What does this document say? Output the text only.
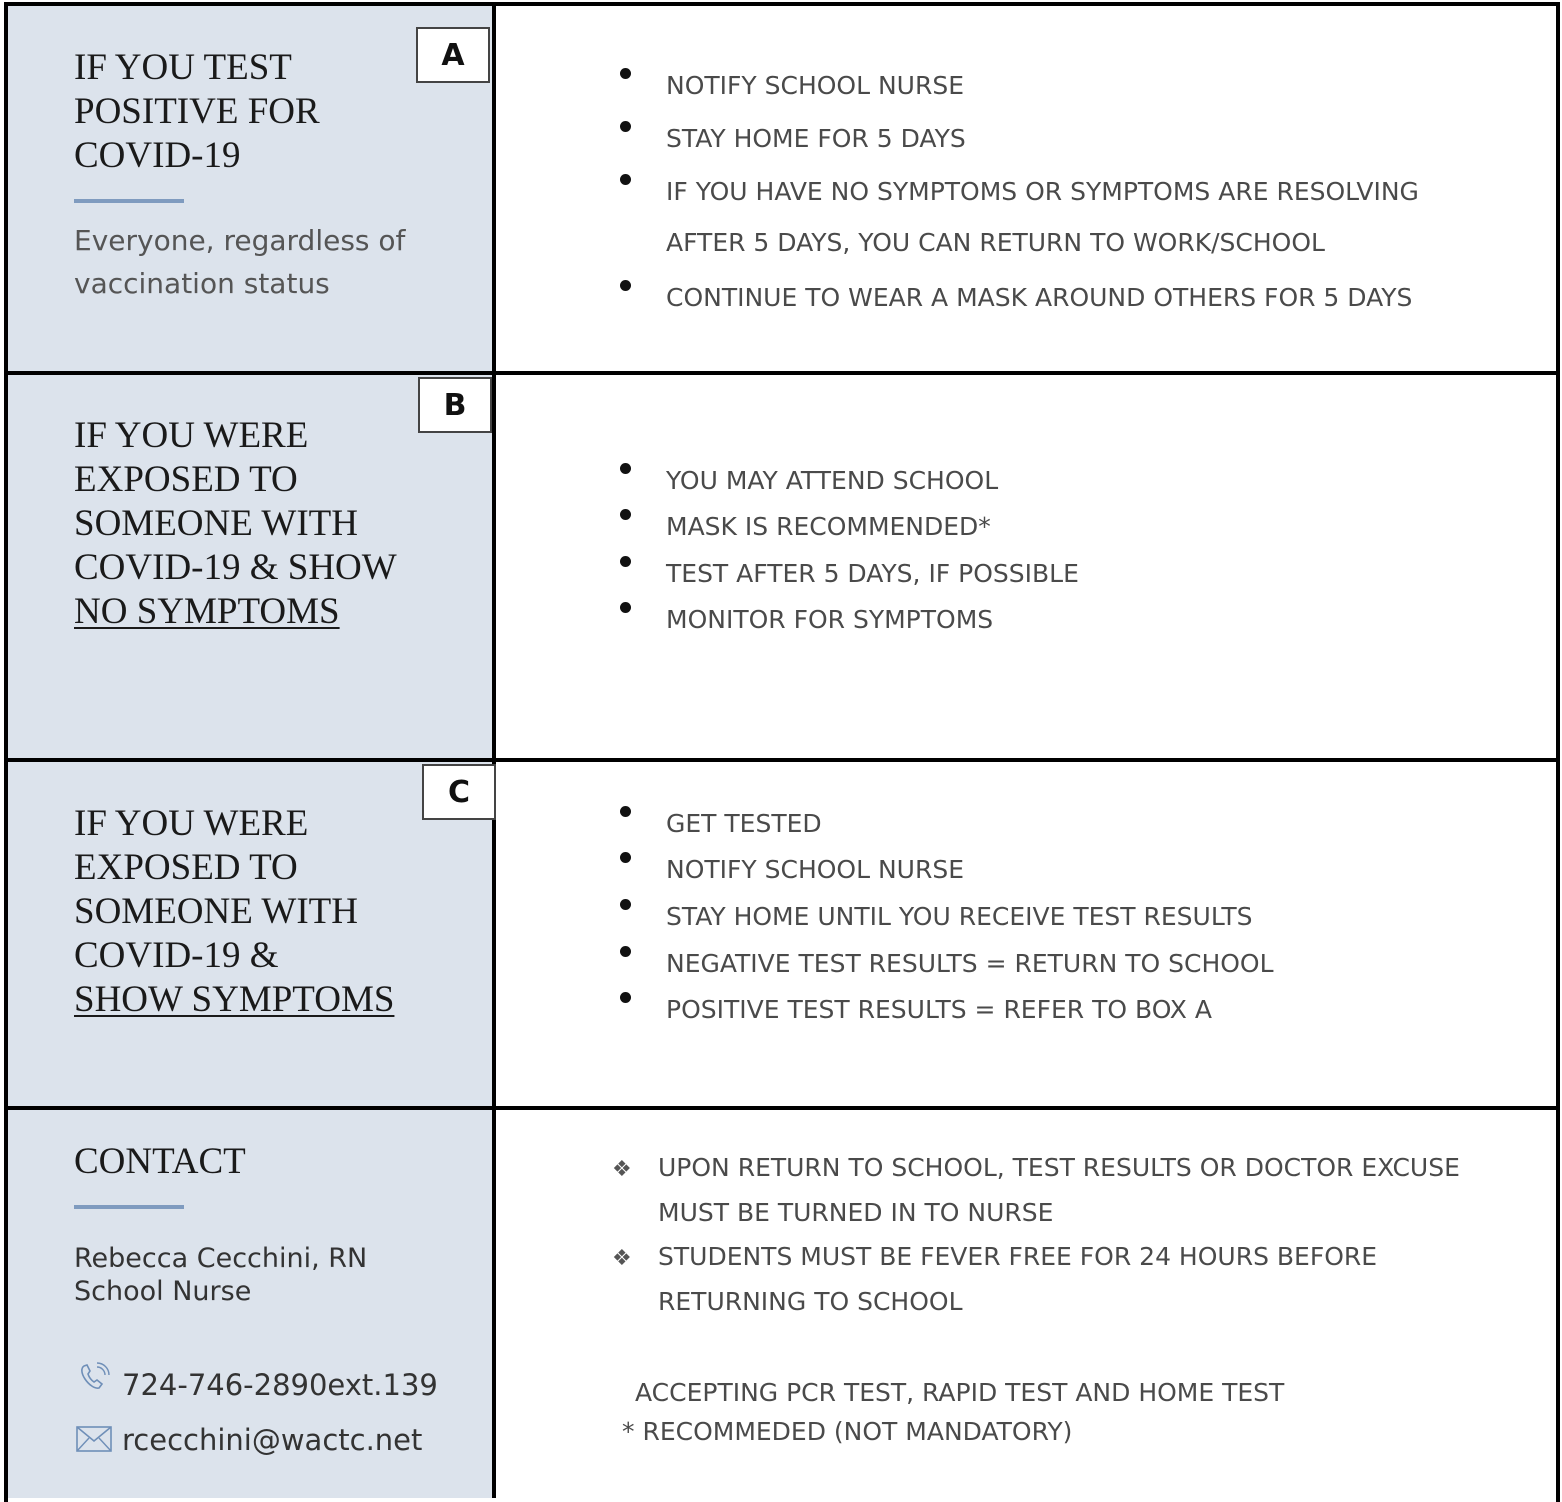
A
IF YOU TEST POSITIVE FOR COVID-19
Everyone, regardless of
vaccination status
NOTIFY SCHOOL NURSE
STAY HOME FOR 5 DAYS
IF YOU HAVE NO SYMPTOMS OR SYMPTOMS ARE RESOLVING
CONTINUE TO WEAR A MASK AROUND OTHERS FOR 5 DAYS
AFTER 5 DAYS, YOU CAN RETURN TO WORK/SCHOOL
B
IF YOU WERE EXPOSED TO SOMEONE WITH COVID-19 & SHOW NO SYMPTOMS
YOU MAY ATTEND SCHOOL
MASK IS RECOMMENDED*
TEST AFTER 5 DAYS, IF POSSIBLE
MONITOR FOR SYMPTOMS
C
IF YOU WERE EXPOSED TO SOMEONE WITH COVID-19 &
SHOW SYMPTOMS
GET TESTED
NOTIFY SCHOOL NURSE
STAY HOME UNTIL YOU RECEIVE TEST RESULTS
NEGATIVE TEST RESULTS = RETURN TO SCHOOL
POSITIVE TEST RESULTS = REFER TO BOX A
CONTACT
Rebecca Cecchini, RN
School Nurse
724-746-2890ext.139
rcecchini@wactc.net
❖ UPON RETURN TO SCHOOL, TEST RESULTS OR DOCTOR EXCUSE
MUST BE TURNED IN TO NURSE
❖ STUDENTS MUST BE FEVER FREE FOR 24 HOURS BEFORE
RETURNING TO SCHOOL
ACCEPTING PCR TEST, RAPID TEST AND HOME TEST
* RECOMMEDED (NOT MANDATORY)
